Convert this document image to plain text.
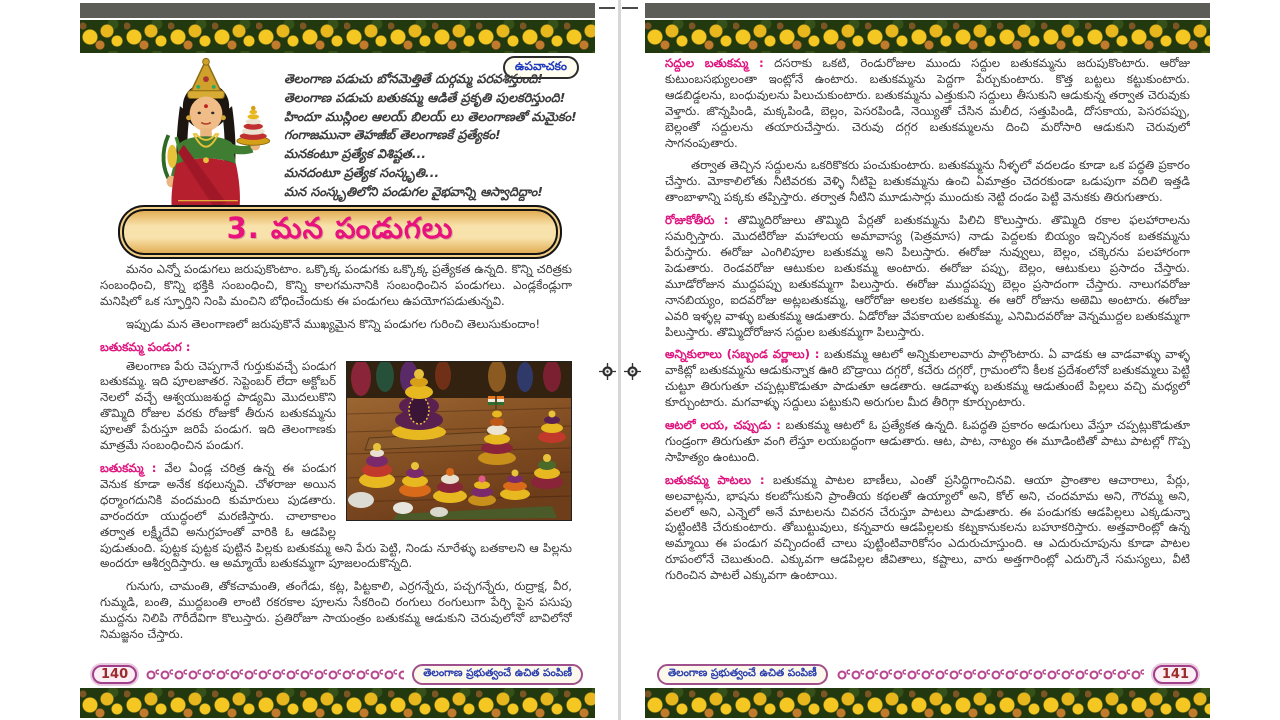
ఉపవాచకం
తెలంగాణ పడుచు బోనమెత్తితే దుర్గమ్మ పరవశిస్తుంది!
తెలంగాణ పడుచు బతుకమ్మ ఆడితే ప్రకృతి పులకరిస్తుంది!
హిందూ ముస్లింల ఆలయ్ బిలయ్ లు తెలంగాణతో మమైకం!
గంగాజమునా తెహజీబ్ తెలంగాణకే ప్రత్యేకం!
మనకంటూ ప్రత్యేక విశిష్టత...
మనదంటూ ప్రత్యేక సంస్కృతి...
మన సంస్కృతిలోని పండుగల వైభవాన్ని ఆస్వాదిద్దాం!
3. మన పండుగలు

మనం ఎన్నో పండుగలు జరుపుకొంటాం. ఒక్కొక్క పండుగకు ఒక్కొక్క ప్రత్యేకత ఉన్నది. కొన్ని చరిత్రకు సంబంధించి, కొన్ని భక్తికి సంబంధించి, కొన్ని కాలగమనానికి సంబంధించిన పండుగలు. ఎండ్లకేండ్లుగా మనిషిలో ఒక స్ఫూర్తిని నింపి మంచిని బోధించేందుకు ఈ పండుగలు ఉపయోగపడుతున్నవి.

ఇప్పుడు మన తెలంగాణలో జరుపుకొనే ముఖ్యమైన కొన్ని పండుగల గురించి తెలుసుకుందాం!

బతుకమ్మ పండుగ :

తెలంగాణ పేరు చెప్పగానే గుర్తుకువచ్చే పండుగ బతుకమ్మ. ఇది పూలజాతర. సెప్టెంబర్ లేదా అక్టోబర్ నెలలో వచ్చే ఆశ్వయుజశుద్ధ పాడ్యమి మొదలుకొని తొమ్మిది రోజుల వరకు రోజుకో తీరున బతుకమ్మను పూలతో పేరుస్తూ జరిపే పండుగ. ఇది తెలంగాణకు మాత్రమే సంబంధించిన పండుగ.

బతుకమ్మ : వేల ఏండ్ల చరిత్ర ఉన్న ఈ పండుగ వెనుక కూడా అనేక కథలున్నవి. చోళరాజు అయిన ధర్మాంగదునికి వందమంది కుమారులు పుడతారు. వారందరూ యుద్ధంలో మరణిస్తారు. చాలాకాలం తర్వాత లక్ష్మీదేవి అనుగ్రహంతో వారికి ఓ ఆడపిల్ల పుడుతుంది. పుట్టక పుట్టక పుట్టిన పిల్లకు బతుకమ్మ అని పేరు పెట్టి, నిండు నూరేళ్ళు బతకాలని ఆ పిల్లను అందరూ ఆశీర్వదిస్తారు. ఆ అమ్మాయే బతుకమ్మగా పూజలందుకొన్నది.

గునుగు, చామంతి, తోకచామంతి, తంగేడు, కట్ల, పిట్టకాలి, ఎర్రగన్నేరు, పచ్చగన్నేరు, రుద్రాక్ష, వీర, గుమ్మడి, బంతి, ముద్దబంతి లాంటి రకరకాల పూలను సేకరించి రంగులు రంగులుగా పేర్చి పైన పసుపు ముద్దను నిలిపి గౌరీదేవిగా కొలుస్తారు. ప్రతిరోజూ సాయంత్రం బతుకమ్మ ఆడుకుని చెరువులోనో బావిలోనో నిమజ్జనం చేస్తారు.

140	తెలంగాణ ప్రభుత్వంచే ఉచిత పంపిణీ

సద్దుల బతుకమ్మ : దసరాకు ఒకటి, రెండురోజుల ముందు సద్దుల బతుకమ్మను జరుపుకొంటారు. ఆరోజు కుటుంబసభ్యులంతా ఇంట్లోనే ఉంటారు. బతుకమ్మను పెద్దగా పేర్చుకుంటారు. కొత్త బట్టలు కట్టుకుంటారు. ఆడబిడ్డలను, బంధువులను పిలుచుకుంటారు. బతుకమ్మను ఎత్తుకుని సద్దులు తీసుకుని ఆడుకున్న తర్వాత చెరువుకు వెళ్తారు. జొన్నపిండి, మక్కపిండి, బెల్లం, పెసరపిండి, నెయ్యితో చేసిన మలీద, సత్తుపిండి, దోసకాయ, పెసరపప్పు, బెల్లంతో సద్దులను తయారుచేస్తారు. చెరువు దగ్గర బతుకమ్మలను దించి మరోసారి ఆడుకుని చెరువులో సాగనంపుతారు.

తర్వాత తెచ్చిన సద్దులను ఒకరికొకరు పంచుకుంటారు. బతుకమ్మను నీళ్ళలో వదలడం కూడా ఒక పద్ధతి ప్రకారం చేస్తారు. మోకాలిలోతు నీటివరకు వెళ్ళి నీటిపై బతుకమ్మను ఉంచి ఏమాత్రం చెదరకుండా ఒడుపుగా వదిలి ఇత్తడి తాంబాళాన్ని పక్కకు తప్పిస్తారు. తర్వాత నీటిని మూడుసార్లు ముందుకు నెట్టి దండం పెట్టి వెనుకకు తిరుగుతారు.

రోజుకోతీరు : తొమ్మిదిరోజులు తొమ్మిది పేర్లతో బతుకమ్మను పిలిచి కొలుస్తారు. తొమ్మిది రకాల ఫలహారాలను సమర్పిస్తారు. మొదటిరోజు మహాలయ అమావాస్య (పెత్రమాస) నాడు పెద్దలకు బియ్యం ఇచ్చినంక బతకమ్మను పేరుస్తారు. ఈరోజు ఎంగిలిపూల బతుకమ్మ అని పిలుస్తారు. ఈరోజు నువ్వులు, బెల్లం, చక్కెరను పలహారంగా పెడుతారు. రెండవరోజు ఆటుకుల బతుకమ్మ అంటారు. ఈరోజు పప్పు, బెల్లం, ఆటుకులు ప్రసాదం చేస్తారు. మూడోరోజున ముద్దపప్పు బతుకమ్మగా పిలుస్తారు. ఈరోజు ముద్దపప్పు బెల్లం ప్రసాదంగా చేస్తారు. నాలుగవరోజు నానబియ్యం, ఐదవరోజు అట్లబతుకమ్మ, ఆరోరోజు అలకల బతకమ్మ. ఈ ఆరో రోజును అఱెమి అంటారు. ఈరోజు ఎవరి ఇళ్ళల్ల వాళ్ళు బతుకమ్మ ఆడుతారు. ఏడోరోజు వేపకాయల బతుకమ్మ, ఎనిమిదవరోజు వెన్నముద్దల బతుకమ్మగా పిలుస్తారు. తొమ్మిదోరోజున సద్దుల బతుకమ్మగా పిలుస్తారు.

అన్నికులాలు (సబ్బండ వర్ణాలు) : బతుకమ్మ ఆటలో అన్నికులాలవారు పాల్గొంటారు. ఏ వాడకు ఆ వాడవాళ్ళు వాళ్ళ వాకిట్లో బతుకమ్మను ఆడుకున్నాక ఊరి బొడ్రాయి దగ్గరో, కచేరు దగ్గరో, గ్రామంలోని కీలక ప్రదేశంలోనో బతుకమ్మలు పెట్టి చుట్టూ తిరుగుతూ చప్పట్లుకొడుతూ పాడుతూ ఆడతారు. ఆడవాళ్ళు బతుకమ్మ ఆడుతుంటే పిల్లలు వచ్చి మధ్యలో కూర్చుంటారు. మగవాళ్ళు సద్దులు పట్టుకుని అరుగుల మీద తీరిగ్గా కూర్చుంటారు.

ఆటలో లయ, చప్పుడు : బతుకమ్మ ఆటలో ఓ ప్రత్యేకత ఉన్నది. ఓపద్ధతి ప్రకారం అడుగులు వేస్తూ చప్పట్లుకొడుతూ గుండ్రంగా తిరుగుతూ వంగి లేస్తూ లయబద్ధంగా ఆడుతారు. ఆట, పాట, నాట్యం ఈ మూడింటితో పాటు పాటల్లో గొప్ప సాహిత్యం ఉంటుంది.

బతుకమ్మ పాటలు : బతుకమ్మ పాటల బాణీలు, ఎంతో ప్రసిద్ధిగాంచినవి. ఆయా ప్రాంతాల ఆచారాలు, పేర్లు, అలవాట్లను, భాషను కలబోసుకుని ప్రాంతీయ కథలతో ఉయ్యాలో అని, కోల్ అని, చందమామ అని, గౌరమ్మ అని, వలలో అని, ఎన్నెలో అనే మాటలను చివరన చేరుస్తూ పాటలు పాడుతారు. ఈ పండుగకు ఆడపిల్లలు ఎక్కడున్నా పుట్టింటికి చేరుకుంటారు. తోబుట్టువులు, కన్నవారు ఆడపిల్లలకు కట్నకానుకలను బహూకరిస్తారు. అత్తవారింట్లో ఉన్న అమ్మాయి ఈ పండుగ వచ్చిందంటే చాలు పుట్టింటివారికోసం ఎదురుచూస్తుంది. ఆ ఎదురుచూపును కూడా పాటల రూపంలోనే చెబుతుంది. ఎక్కువగా ఆడపిల్లల జీవితాలు, కష్టాలు, వారు అత్తగారింట్లో ఎదుర్కొనే సమస్యలు, వీటి గురించిన పాటలే ఎక్కువగా ఉంటాయి.

తెలంగాణ ప్రభుత్వంచే ఉచిత పంపిణీ	141
